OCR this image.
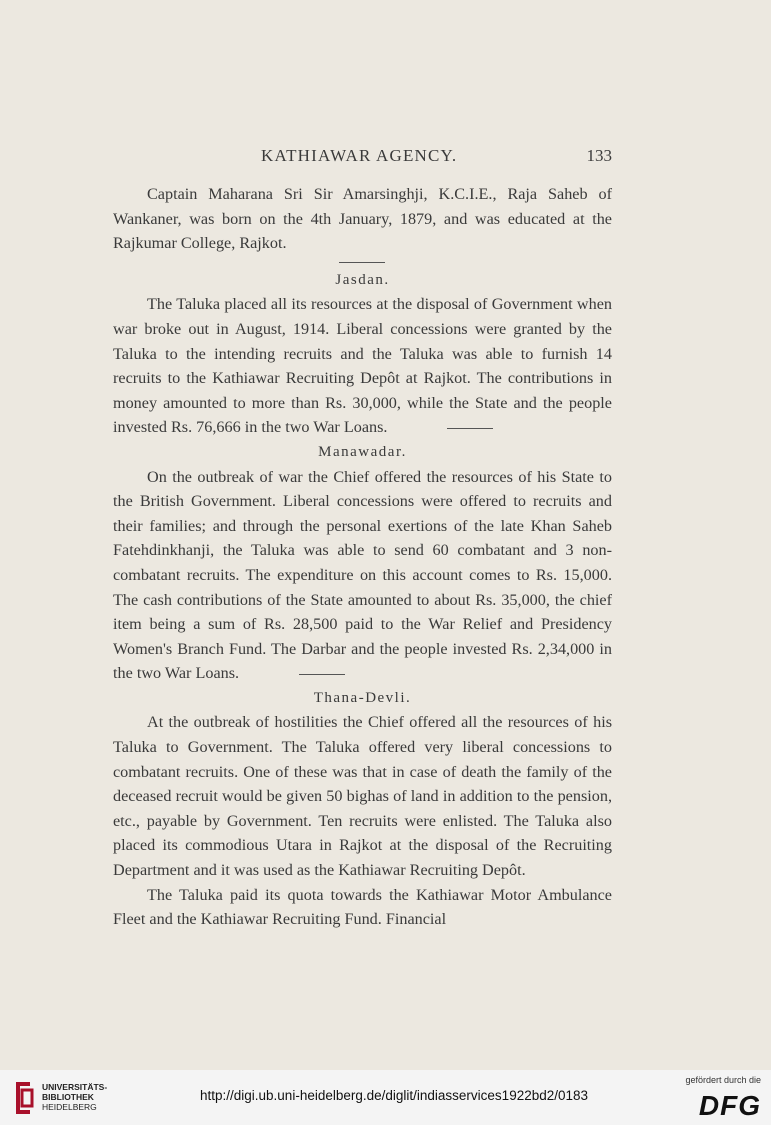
KATHIAWAR AGENCY.	133

Captain Maharana Sri Sir Amarsinghji, K.C.I.E., Raja Saheb of Wankaner, was born on the 4th January, 1879, and was educated at the Rajkumar College, Rajkot.

Jasdan.

The Taluka placed all its resources at the disposal of Government when war broke out in August, 1914. Liberal concessions were granted by the Taluka to the intending recruits and the Taluka was able to furnish 14 recruits to the Kathiawar Recruiting Depôt at Rajkot. The contributions in money amounted to more than Rs. 30,000, while the State and the people invested Rs. 76,666 in the two War Loans.

Manawadar.

On the outbreak of war the Chief offered the resources of his State to the British Government. Liberal concessions were offered to recruits and their families; and through the personal exertions of the late Khan Saheb Fatehdinkhanji, the Taluka was able to send 60 combatant and 3 non-combatant recruits. The expenditure on this account comes to Rs. 15,000. The cash contributions of the State amounted to about Rs. 35,000, the chief item being a sum of Rs. 28,500 paid to the War Relief and Presidency Women's Branch Fund. The Darbar and the people invested Rs. 2,34,000 in the two War Loans.

Thana-Devli.

At the outbreak of hostilities the Chief offered all the resources of his Taluka to Government. The Taluka offered very liberal concessions to combatant recruits. One of these was that in case of death the family of the deceased recruit would be given 50 bighas of land in addition to the pension, etc., payable by Government. Ten recruits were enlisted. The Taluka also placed its commodious Utara in Rajkot at the disposal of the Recruiting Department and it was used as the Kathiawar Recruiting Depôt.

The Taluka paid its quota towards the Kathiawar Motor Ambulance Fleet and the Kathiawar Recruiting Fund. Financial

UNIVERSITÄTS-
BIBLIOTHEK
HEIDELBERG
http://digi.ub.uni-heidelberg.de/diglit/indiasservices1922bd2/0183
gefördert durch die
DFG
